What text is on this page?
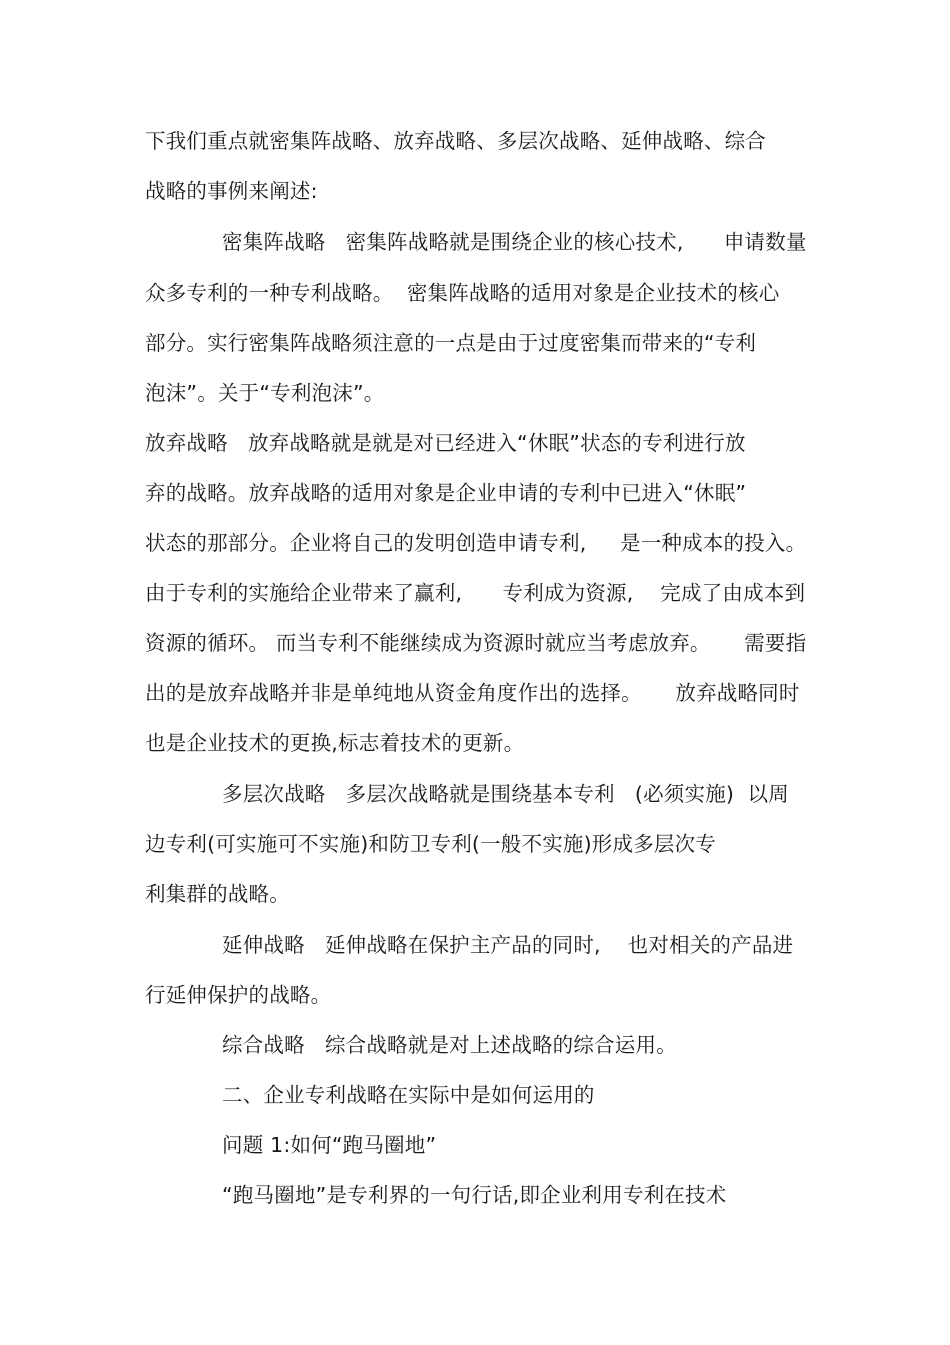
下我们重点就密集阵战略、放弃战略、多层次战略、延伸战略、综合
战略的事例来阐述:
密集阵战略   密集阵战略就是围绕企业的核心技术,      申请数量
众多专利的一种专利战略。  密集阵战略的适用对象是企业技术的核心
部分。实行密集阵战略须注意的一点是由于过度密集而带来的“专利
泡沫”。关于“专利泡沫”。
放弃战略   放弃战略就是就是对已经进入“休眠”状态的专利进行放
弃的战略。放弃战略的适用对象是企业申请的专利中已进入“休眠”
状态的那部分。企业将自己的发明创造申请专利,     是一种成本的投入。
由于专利的实施给企业带来了赢利,      专利成为资源,    完成了由成本到
资源的循环。 而当专利不能继续成为资源时就应当考虑放弃。     需要指
出的是放弃战略并非是单纯地从资金角度作出的选择。     放弃战略同时
也是企业技术的更换,标志着技术的更新。
多层次战略   多层次战略就是围绕基本专利   (必须实施)  以周
边专利(可实施可不实施)和防卫专利(一般不实施)形成多层次专
利集群的战略。
延伸战略   延伸战略在保护主产品的同时,    也对相关的产品进
行延伸保护的战略。
综合战略   综合战略就是对上述战略的综合运用。
二、企业专利战略在实际中是如何运用的
问题 1:如何“跑马圈地”
“跑马圈地”是专利界的一句行话,即企业利用专利在技术
